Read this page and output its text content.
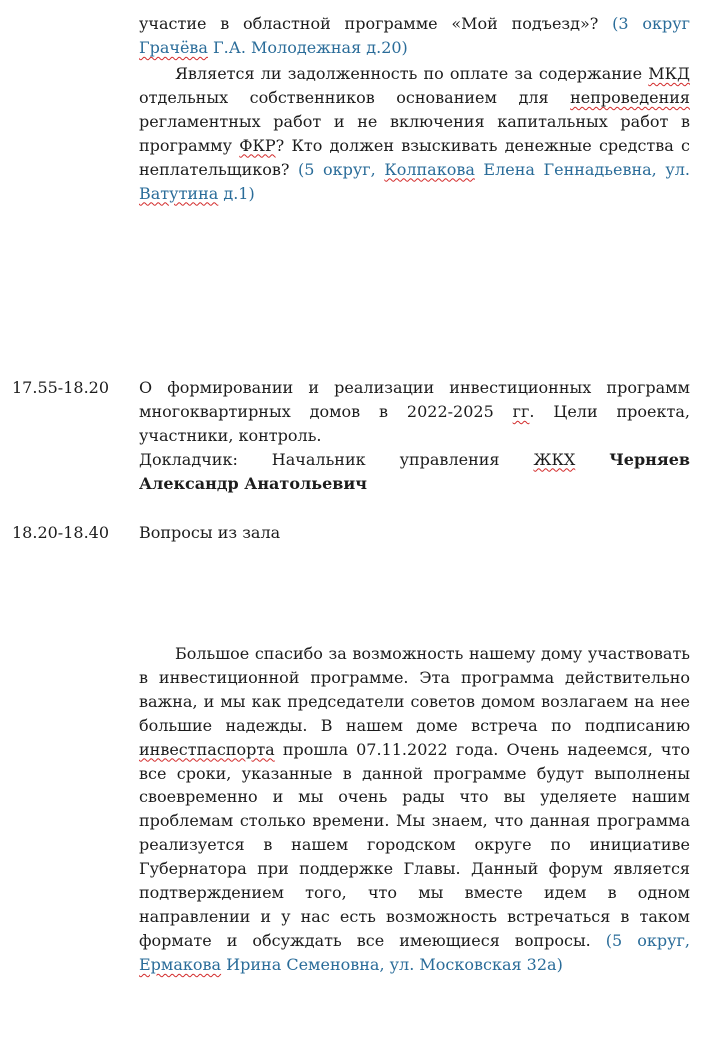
участие в областной программе «Мой подъезд»? (3 округ Грачёва Г.А. Молодежная д.20)

Является ли задолженность по оплате за содержание МКД отдельных собственников основанием для непроведения регламентных работ и не включения капитальных работ в программу ФКР? Кто должен взыскивать денежные средства с неплательщиков? (5 округ, Колпакова Елена Геннадьевна, ул. Ватутина д.1)

17.55-18.20 О формировании и реализации инвестиционных программ многоквартирных домов в 2022-2025 гг. Цели проекта, участники, контроль.

Докладчик: Начальник управления ЖКХ Черняев

Александр Анатольевич

18.20-18.40 Вопросы из зала

Большое спасибо за возможность нашему дому участвовать в инвестиционной программе. Эта программа действительно важна, и мы как председатели советов домом возлагаем на нее большие надежды. В нашем доме встреча по подписанию инвестпаспорта прошла 07.11.2022 года. Очень надеемся, что все сроки, указанные в данной программе будут выполнены своевременно и мы очень рады что вы уделяете нашим проблемам столько времени. Мы знаем, что данная программа реализуется в нашем городском округе по инициативе Губернатора при поддержке Главы. Данный форум является подтверждением того, что мы вместе идем в одном направлении и у нас есть возможность встречаться в таком формате и обсуждать все имеющиеся вопросы. (5 округ, Ермакова Ирина Семеновна, ул. Московская 32а)
